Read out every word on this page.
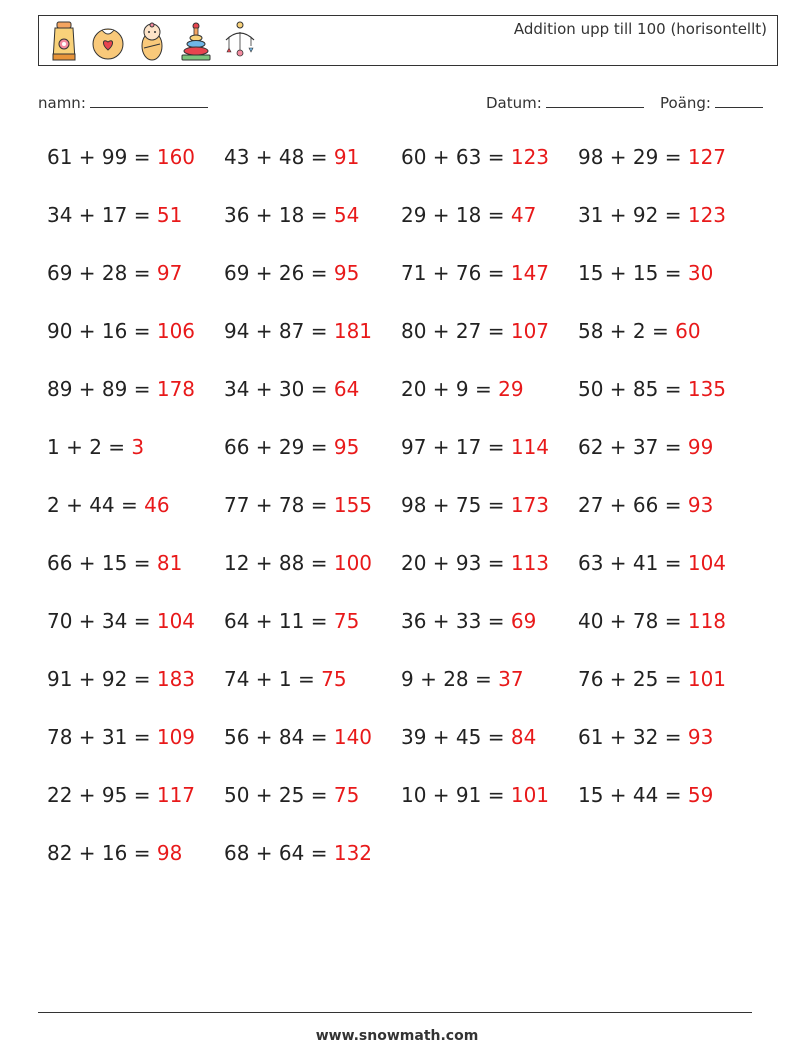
Addition upp till 100 (horisontellt)
namn:	Datum:	Poäng:
61 + 99 = 160 43 + 48 = 91 60 + 63 = 123 98 + 29 = 127
34 + 17 = 51 36 + 18 = 54 29 + 18 = 47 31 + 92 = 123
69 + 28 = 97 69 + 26 = 95 71 + 76 = 147 15 + 15 = 30
90 + 16 = 106 94 + 87 = 181 80 + 27 = 107 58 + 2 = 60
89 + 89 = 178 34 + 30 = 64 20 + 9 = 29	50 + 85 = 135
1 + 2 = 3	66 + 29 = 95 97 + 17 = 114 62 + 37 = 99
2 + 44 = 46	77 + 78 = 155 98 + 75 = 173 27 + 66 = 93
66 + 15 = 81 12 + 88 = 100 20 + 93 = 113 63 + 41 = 104
70 + 34 = 104 64 + 11 = 75 36 + 33 = 69 40 + 78 = 118
91 + 92 = 183 74 + 1 = 75	9 + 28 = 37	76 + 25 = 101
78 + 31 = 109 56 + 84 = 140 39 + 45 = 84 61 + 32 = 93
22 + 95 = 117 50 + 25 = 75 10 + 91 = 101 15 + 44 = 59
82 + 16 = 98 68 + 64 = 132
www.snowmath.com
